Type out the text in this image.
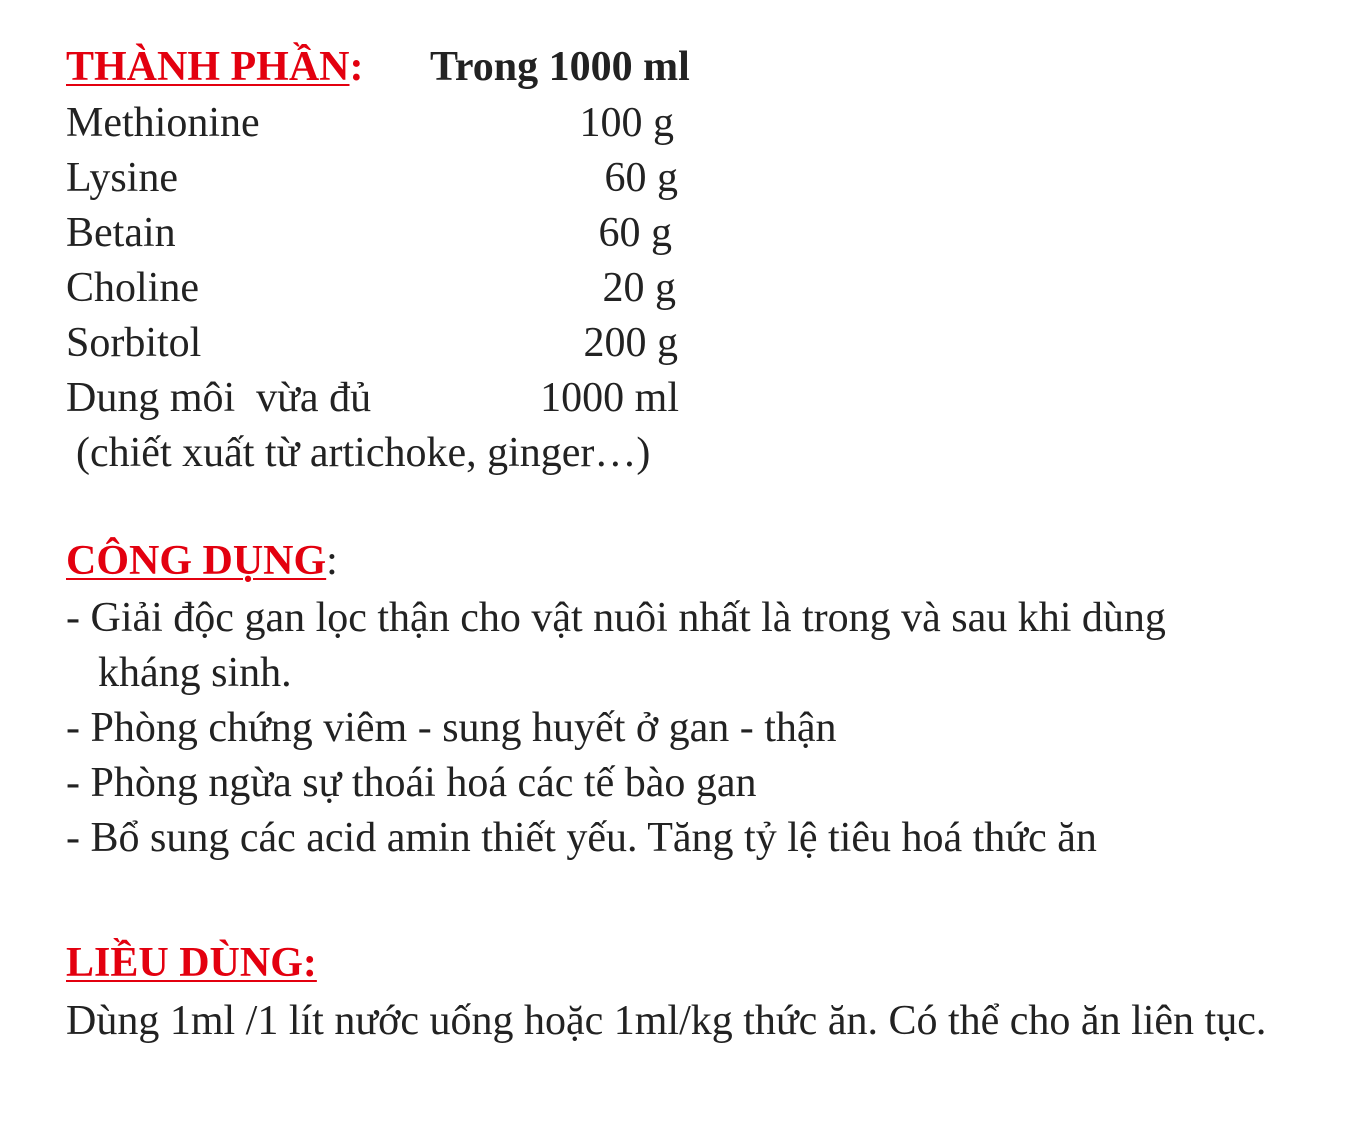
THÀNH PHẦN: Trong 1000 ml
Methionine	100 g
Lysine	60 g
Betain	60 g
Choline	20 g
Sorbitol	200 g
Dung môi  vừa đủ	1000 ml
(chiết xuất từ artichoke, ginger…)
CÔNG DỤNG:
- Giải độc gan lọc thận cho vật nuôi nhất là trong và sau khi dùng
kháng sinh.
- Phòng chứng viêm - sung huyết ở gan - thận
- Phòng ngừa sự thoái hoá các tế bào gan
- Bổ sung các acid amin thiết yếu. Tăng tỷ lệ tiêu hoá thức ăn
LIỀU DÙNG:
Dùng 1ml /1 lít nước uống hoặc 1ml/kg thức ăn. Có thể cho ăn liên tục.
